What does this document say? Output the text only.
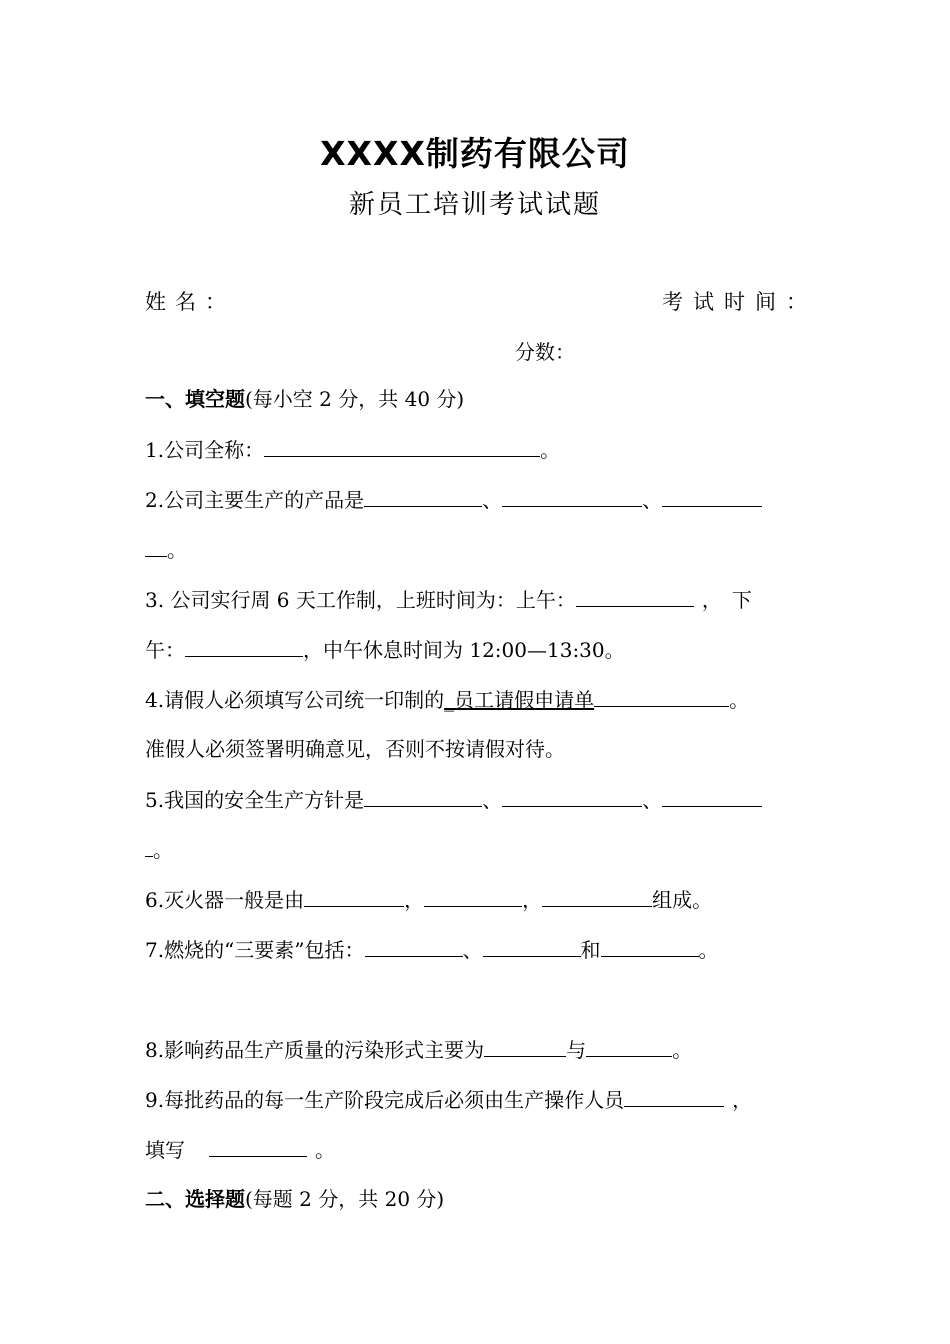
XXXX制药有限公司
新员工培训考试试题
姓名：	考试时间：
分数：
一、填空题(每小空 2 分，共 40 分)
1.公司全称：	。
2.公司主要生产的产品是	、	、
。
3. 公司实行周 6 天工作制，上班时间为：上午：	，下
午：	，中午休息时间为 12:00—13:30。
4.请假人必须填写公司统一印制的_员工请假申请单	。
准假人必须签署明确意见，否则不按请假对待。
5.我国的安全生产方针是	、	、
。
6.灭火器一般是由	，	，	组成。
7.燃烧的“三要素”包括：	、	和	。
8.影响药品生产质量的污染形式主要为	与	。
9.每批药品的每一生产阶段完成后必须由生产操作人员	，
填写	。
二、选择题(每题 2 分，共 20 分)
